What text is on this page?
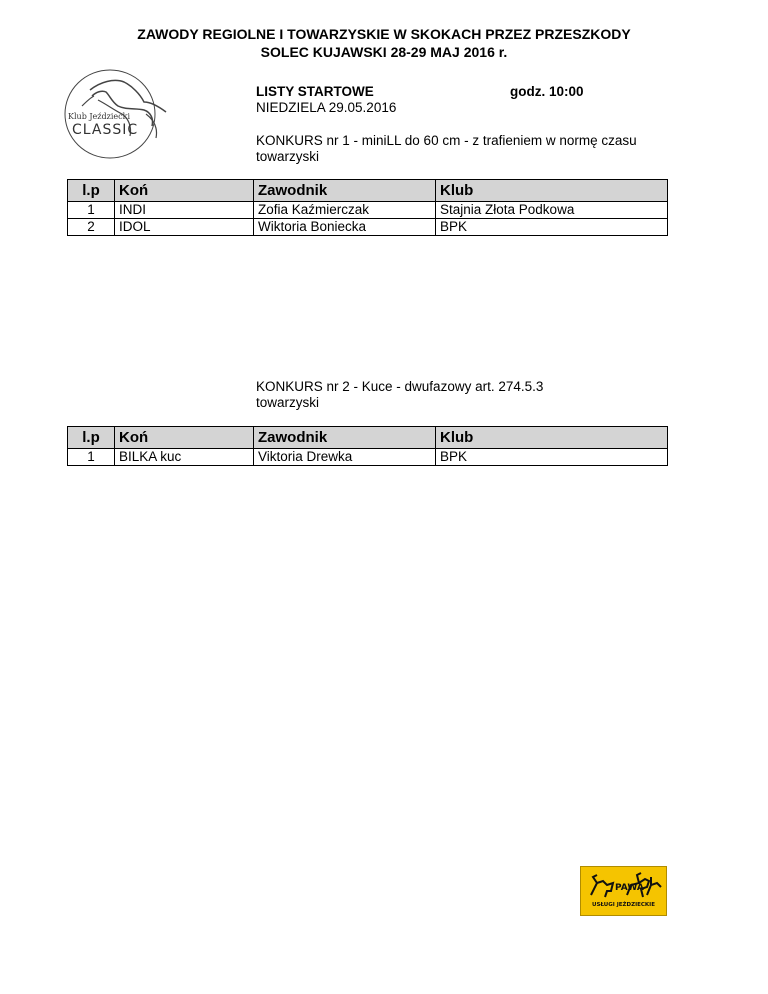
ZAWODY REGIOLNE I TOWARZYSKIE W SKOKACH PRZEZ PRZESZKODY
SOLEC KUJAWSKI 28-29 MAJ 2016 r.
Klub Jeździecki
CLASSIC
LISTY STARTOWE	godz. 10:00
NIEDZIELA 29.05.2016
KONKURS nr 1 - miniLL do 60 cm - z trafieniem w normę czasu
towarzyski
l.p	Koń	Zawodnik	Klub
1	INDI	Zofia Kaźmierczak	Stajnia Złota Podkowa
2	IDOL	Wiktoria Boniecka	BPK
KONKURS nr 2 - Kuce - dwufazowy art. 274.5.3
towarzyski
l.p	Koń	Zawodnik	Klub
1	BILKA kuc	Viktoria Drewka	BPK
PAWA
USŁUGI JEŹDZIECKIE
